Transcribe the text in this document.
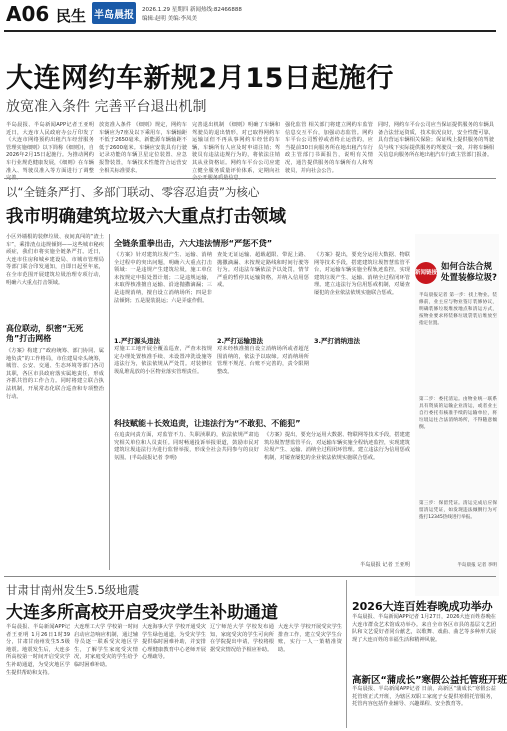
A06 民生 半岛晨报 2026.1.29 星期四 新闻热线:82466888
编辑:赵明 美编:李凤美
大连网约车新规2月15日起施行
放宽准入条件 完善平台退出机制
半岛晨报、半岛新闻APP记者王亚明 近日，大连市人民政府办公厅印发了《大连市网络预约出租汽车经营服务管理实施细则》以下简称《细则》)，自2026年2月15日起施行。为推动网约车行业规范健康发展，《细则》在车辆准入、驾驶员准入等方面进行了调整
放宽准入条件 《细则》规定，网约车车辆应为7座及以下乘用车，车辆轴距不低于2650毫米，新能源车辆轴距不低于2600毫米。车辆应安装具有行驶记录功能的车辆卫星定位装置、应急报警装置，车辆技术性能符合运营安全相关标准要求。
完善退出机制 《细则》明确了车辆和驾驶员的退出情形，对已取得网约车运输证但不再从事网约车经营的车辆，车辆所有人应及时申请注销；驾驶员有违法违规行为的，将依法注销其从业资格证。网约车平台公司应建立健全服务质量评价体系，定期向社
强化监管 相关部门将建立网约车监管信息交互平台，加强动态监管。网约车平台公司暂停或者终止运营的，应当提前30日向服务所在地出租汽车行政主管部门书面报告，说明有关情况，通告提供服务的车辆所有人和驾驶员，并向社会公告。
同时，网约车平台公司应当保证提供服务的车辆具备合法营运资质，技术状况良好，安全性能可靠，具有营运车辆相关保险；保证线上提供服务的驾驶员与线下实际提供服务的驾驶员一致，并将车辆相关信息向服务所在地出租汽车行政主管部门报备。
以“全链条严打、多部门联动、零容忍追责”为核心
我市明确建筑垃圾六大重点打击领域
小区外墙根的装修垃圾、夜间真闯的“渣土车”，乘排渣点违规倾倒——这些城市秘疾顽症，我们市将实施全链条严打。近日，大连市住房和城乡建设局、市城市管理局等部门联合印发通知，自即日起至年底，在全市范围开展建筑垃圾治理专项行动，明确六大重点打击领域。
高位联动，织密“无死角”打击网格
《方案》构建了“政府统筹、部门协同、属地负责”的工作格局，市住建局牵头统筹，城管、公安、交通、生态环境等部门各司其职，各区市县政府落实属地责任，形成齐抓共管的工作合力。同时将建立联合执法机制，开展常态化联合巡查和专项整治行动。
全链条重拳出击，六大违法情形“严惩不贷”
《方案》针对建筑垃圾产生、运输、消纳全过程中的突出问题，明确六大重点打击领域：一是违规产生建筑垃圾，施工单位未按规定申报处置计划；二是违规运输，未取得核准擅自运输、沿途抛撒滴漏；三是违规消纳，擅自设立消纳场所；四是非法倾倒；五是混装混运；六是弄虚作假。
1.严打源头违法
对施工工地开展全覆盖巡查，严查未按规定办理处置核准手续、未设置冲洗设施等违法行为，依法依规从严处罚。对装修垃圾乱堆乱放的小区物业落实管理责任。
查处无证运输、超载超限、带泥上路、抛撒滴漏、未按规定路线和时间行驶等行为。对违法车辆依法予以处罚，情节严重的暂停其运输资格，并纳入信用惩戒。
2.严打运输违法
对未经核准擅自设立消纳场所或者超范围消纳的，依法予以取缔。对消纳场所管理不规范、台账不完善的，责令限期整改。
3.严打消纳违法
《方案》提出，要充分运用大数据、物联网等技术手段，搭建建筑垃圾智慧监管平台，对运输车辆实施全程轨迹监控，实现建筑垃圾产生、运输、消纳全过程闭环管理。建立违法行为信用惩戒机制，对屡查屡犯的企业依法依规实施联合惩戒。
科技赋能＋长效追责，让违法行为“不敢犯、不能犯”
在追责问责方面，对监管不力、失职渎职的，依法依规严肃追究相关单位和人员责任。同时畅通投诉举报渠道，鼓励市民对建筑垃圾违法行为进行监督举报，形成全社会共同参与的良好氛围。(半岛晨报记者 李明)
《方案》提出，要充分运用大数据、物联网等技术手段，搭建建筑垃圾智慧监管平台，对运输车辆实施全程轨迹监控，实现建筑垃圾产生、运输、消纳全过程闭环管理。建立违法行为信用惩戒机制，对屡查屡犯的企业依法依规实施联合惩戒。
半岛晨报 记者 王亚明
新闻链接
如何合法合规处置装修垃圾?
半岛晨报记者 第一步：找上物业。装修前，业主应与物业签订装修协议，明确装修垃圾堆放地点和清运方式，按物业要求将装修垃圾袋装后堆放至指定位置。
第二步：委托清运。由物业统一联系具有资质的运输企业清运，或者业主自行委托有核准手续的运输单位，将垃圾运往合法消纳场所，不得随意倾倒。
第三步：保留凭证。清运完成后应保留清运凭证，如发现违法倾倒行为可拨打12345热线进行举报。
半岛晨报 记者 李明
甘肃甘南州发生5.5级地震
大连多所高校开启受灾学生补助通道
半岛晨报、半岛新闻APP记者王亚明 1月26日1时39分，甘肃甘南州发生5.5级地震。地震发生后，大连多所高校第一时间开启受灾学生补助通道，为受灾地区学生提供帮助和支持。
大连理工大学 学校第一时间启动应急响应机制，通过辅导员逐一联系受灾地区学生，了解学生家庭受灾情况，对家庭受灾的学生给予临时困难补助。
大连海事大学 学校开通受灾学生绿色通道，为受灾学生提供临时困难补助，并安排心理健康教育中心老师开展心理疏导。
辽宁师范大学 学校发布通知，家庭受灾的学生可向所在学院提出申请，学校将根据受灾情况给予相应补助。
大连大学 学校开展受灾学生排查工作，建立受灾学生台账，实行一人一策精准资助。
2026大连百姓春晚成功举办
半岛晨报、半岛新闻APP记者 1月27日，2026大连百姓春晚在大连市群众艺术馆成功举办。来自全市各区市县的基层文艺团队和文艺爱好者同台献艺，以歌舞、戏曲、曲艺等多种形式展现了大连百姓的幸福生活和精神风貌。
高新区“蒲成长”寒假公益托管班开班
半岛晨报、半岛新闻APP记者 日前，高新区“蒲成长”寒假公益托管班正式开班，为辖区双职工家庭子女提供寒假托管服务，托管内容包括作业辅导、兴趣课程、安全教育等。
